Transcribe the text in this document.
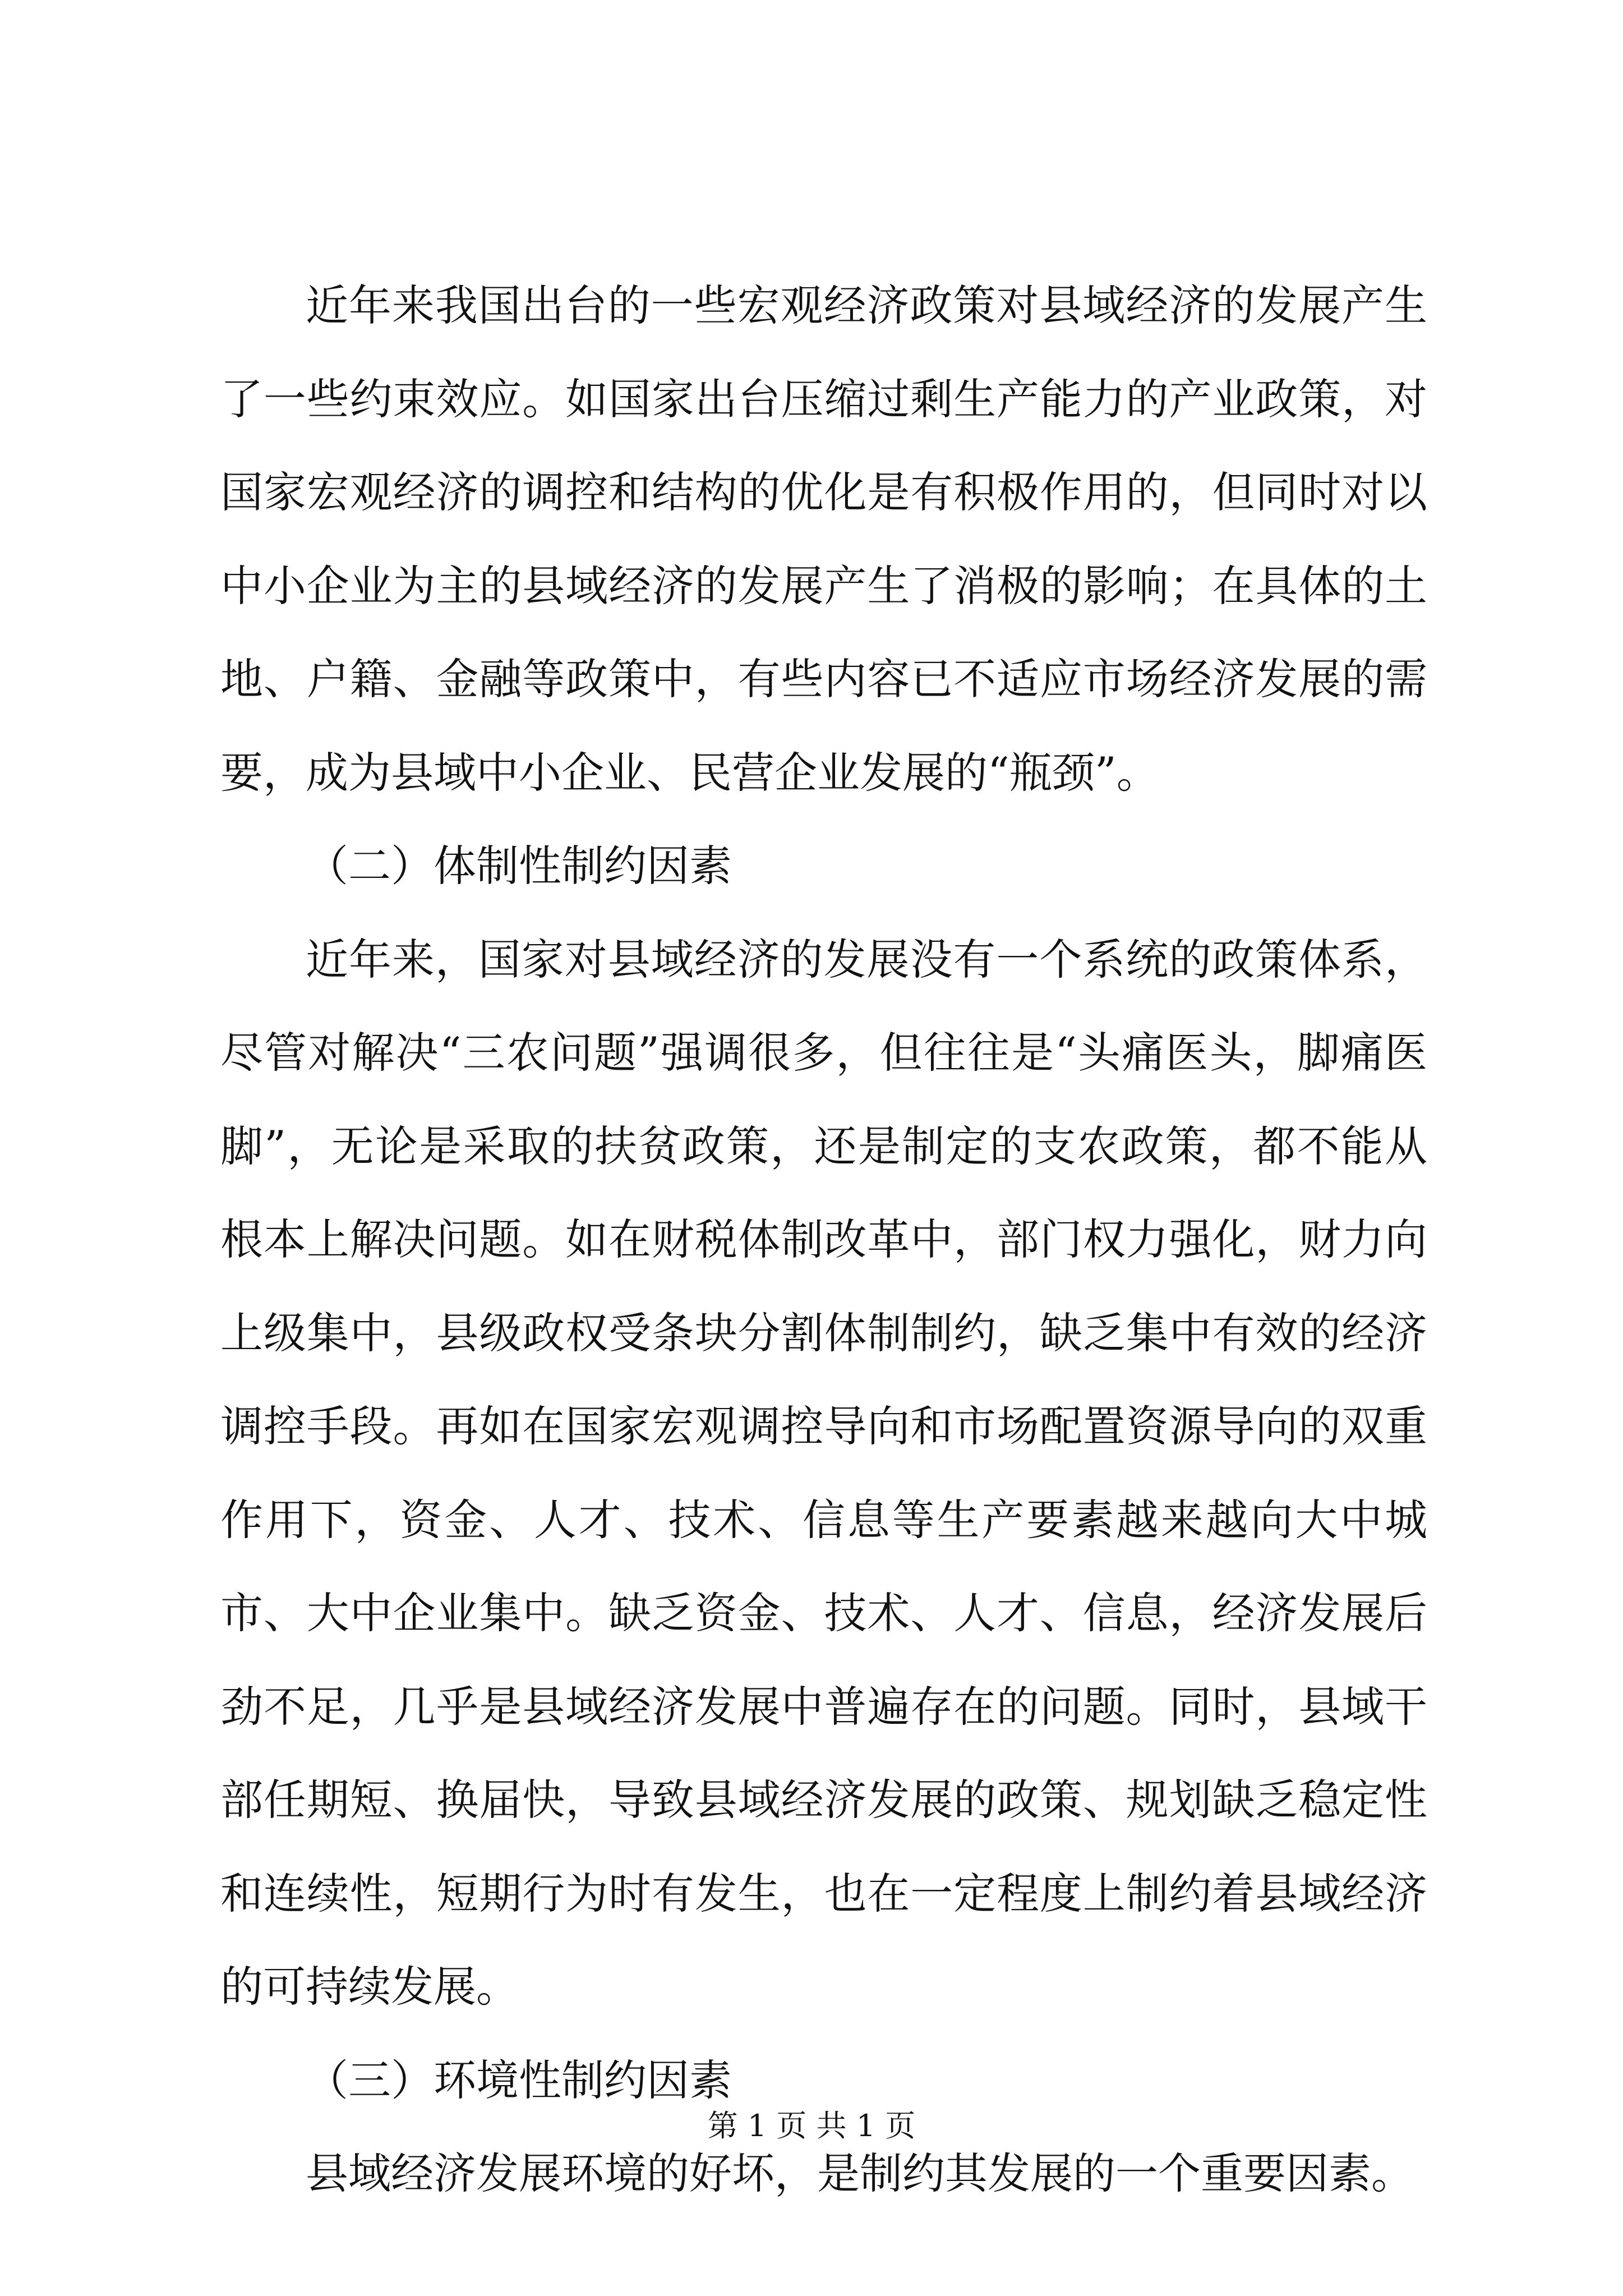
近年来我国出台的一些宏观经济政策对县域经济的发展产生了一些约束效应。如国家出台压缩过剩生产能力的产业政策，对国家宏观经济的调控和结构的优化是有积极作用的，但同时对以中小企业为主的县域经济的发展产生了消极的影响；在具体的土地、户籍、金融等政策中，有些内容已不适应市场经济发展的需要，成为县域中小企业、民营企业发展的“瓶颈”。

（二）体制性制约因素

近年来，国家对县域经济的发展没有一个系统的政策体系，尽管对解决“三农问题”强调很多，但往往是“头痛医头，脚痛医脚”，无论是采取的扶贫政策，还是制定的支农政策，都不能从根本上解决问题。如在财税体制改革中，部门权力强化，财力向上级集中，县级政权受条块分割体制制约，缺乏集中有效的经济调控手段。再如在国家宏观调控导向和市场配置资源导向的双重作用下，资金、人才、技术、信息等生产要素越来越向大中城市、大中企业集中。缺乏资金、技术、人才、信息，经济发展后劲不足，几乎是县域经济发展中普遍存在的问题。同时，县域干部任期短、换届快，导致县域经济发展的政策、规划缺乏稳定性和连续性，短期行为时有发生，也在一定程度上制约着县域经济的可持续发展。

（三）环境性制约因素

县域经济发展环境的好坏，是制约其发展的一个重要因素。

第 1 页 共 1 页
